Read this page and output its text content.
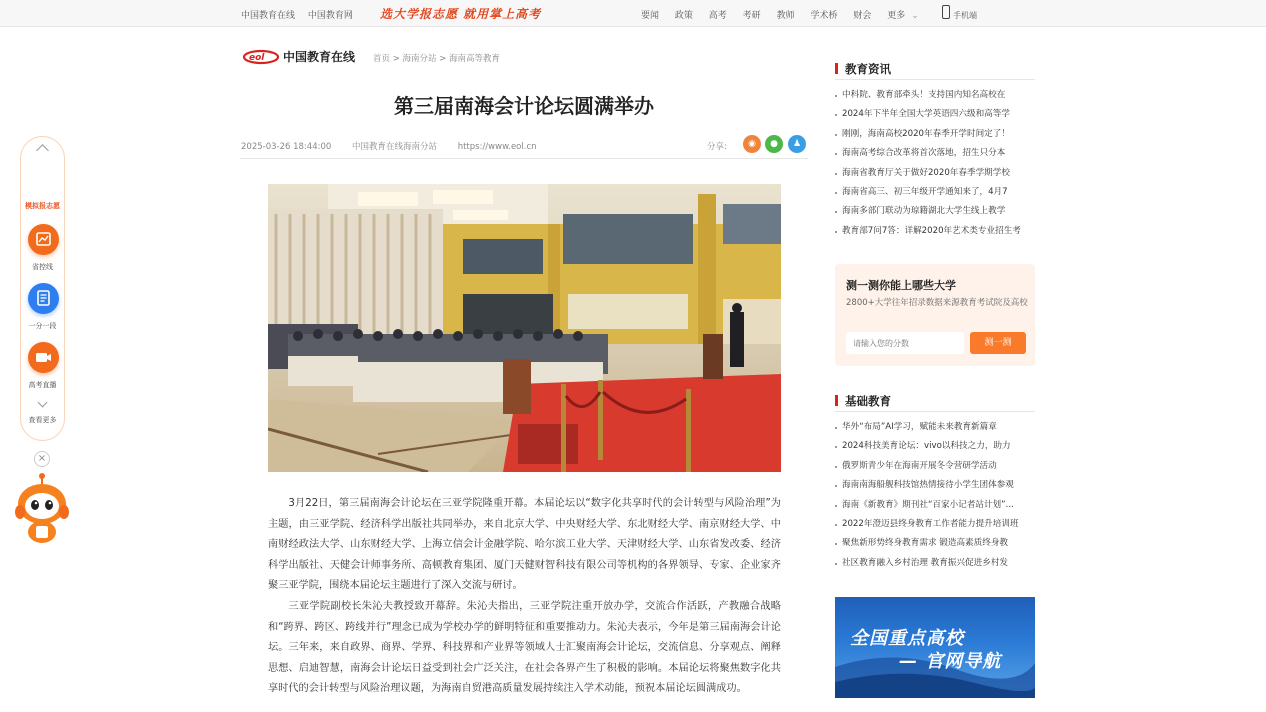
中国教育在线 中国教育网	选大学报志愿 就用掌上高考	要闻 政策 高考 考研 教师 学术桥 财会 更多 ⌄	手机端
eol 中国教育在线 首页 > 海南分站 > 海南高等教育
第三届南海会计论坛圆满举办
2025-03-26 18:44:00 中国教育在线海南分站 https://www.eol.cn	分享:	◉	●	♟

3月22日，第三届南海会计论坛在三亚学院隆重开幕。本届论坛以“数字化共享时代的会计转型与风险治理”为主题，由三亚学院、经济科学出版社共同举办，来自北京大学、中央财经大学、东北财经大学、南京财经大学、中南财经政法大学、山东财经大学、上海立信会计金融学院、哈尔滨工业大学、天津财经大学、山东省发改委、经济科学出版社、天健会计师事务所、高顿教育集团、厦门天健财智科技有限公司等机构的各界领导、专家、企业家齐聚三亚学院，围绕本届论坛主题进行了深入交流与研讨。

三亚学院副校长朱沁夫教授致开幕辞。朱沁夫指出，三亚学院注重开放办学，交流合作活跃，产教融合战略和“跨界、跨区、跨线并行”理念已成为学校办学的鲜明特征和重要推动力。朱沁夫表示，今年是第三届南海会计论坛。三年来，来自政界、商界、学界、科技界和产业界等领域人士汇聚南海会计论坛，交流信息、分享观点、阐释思想、启迪智慧，南海会计论坛日益受到社会广泛关注，在社会各界产生了积极的影响。本届论坛将聚焦数字化共享时代的会计转型与风险治理议题，为海南自贸港高质量发展持续注入学术动能，预祝本届论坛圆满成功。

教育资讯
中科院、教育部牵头！支持国内知名高校在
2024年下半年全国大学英语四六级和高等学
刚刚，海南高校2020年春季开学时间定了！
海南高考综合改革将首次落地，招生只分本
海南省教育厅关于做好2020年春季学期学校
海南省高三、初三年级开学通知来了，4月7
海南多部门联动为琼籍湖北大学生线上教学
教育部7问7答：详解2020年艺术类专业招生考
测一测你能上哪些大学
2800+大学往年招录数据来源教育考试院及高校
请输入您的分数
测一测
基础教育
华外“布局”AI学习，赋能未来教育新篇章
2024科技美育论坛：vivo以科技之力，助力
俄罗斯青少年在海南开展冬令营研学活动
海南南海船舰科技馆热情接待小学生团体参观
海南《新教育》期刊社“百家小记者站计划”...
2022年澄迈县终身教育工作者能力提升培训班
聚焦新形势终身教育需求 锻造高素质终身教
社区教育融入乡村治理 教育振兴促进乡村发
全国重点高校
— 官网导航
模拟报志愿
省控线
一分一段
高考直播
查看更多
×
